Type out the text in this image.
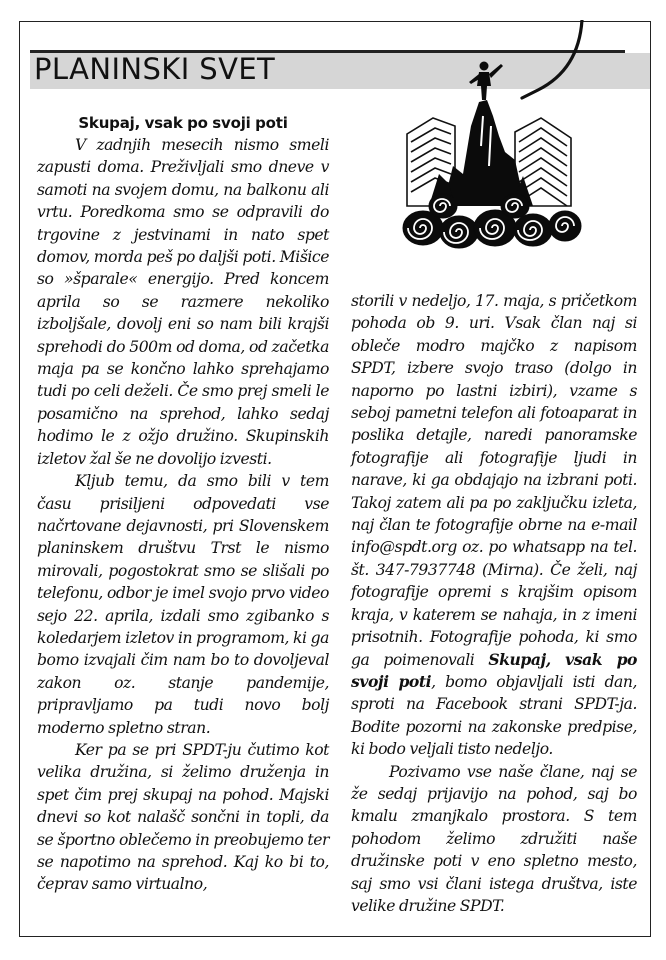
PLANINSKI SVET
Skupaj, vsak po svoji poti

V zadnjih mesecih nismo smeli zapusti doma. Preživljali smo dneve v samoti na svojem domu, na balkonu ali vrtu. Poredkoma smo se odpravili do trgovine z jestvinami in nato spet domov, morda peš po daljši poti. Mišice so »šparale« energijo. Pred koncem aprila so se razmere nekoliko izboljšale, dovolj eni so nam bili krajši sprehodi do 500m od doma, od začetka maja pa se končno lahko sprehajamo tudi po celi deželi. Če smo prej smeli le posamično na sprehod, lahko sedaj hodimo le z ožjo družino. Skupinskih izletov žal še ne dovolijo izvesti.

Kljub temu, da smo bili v tem času prisiljeni odpovedati vse načrtovane dejavnosti, pri Slovenskem planinskem društvu Trst le nismo mirovali, pogostokrat smo se slišali po telefonu, odbor je imel svojo prvo video sejo 22. aprila, izdali smo zgibanko s koledarjem izletov in programom, ki ga bomo izvajali čim nam bo to dovoljeval zakon oz. stanje pandemije, pripravljamo pa tudi novo bolj moderno spletno stran.

Ker pa se pri SPDT-ju čutimo kot velika družina, si želimo druženja in spet čim prej skupaj na pohod. Majski dnevi so kot nalašč sončni in topli, da se športno oblečemo in preobujemo ter se napotimo na sprehod. Kaj ko bi to, čeprav samo virtualno,

storili v nedeljo, 17. maja, s pričetkom pohoda ob 9. uri. Vsak član naj si obleče modro majčko z napisom SPDT, izbere svojo traso (dolgo in naporno po lastni izbiri), vzame s seboj pametni telefon ali fotoaparat in poslika detajle, naredi panoramske fotografije ali fotografije ljudi in narave, ki ga obdajajo na izbrani poti. Takoj zatem ali pa po zaključku izleta, naj član te fotografije obrne na e-mail info@spdt.org oz. po whatsapp na tel. št. 347-7937748 (Mirna). Če želi, naj fotografije opremi s krajšim opisom kraja, v katerem se nahaja, in z imeni prisotnih. Fotografije pohoda, ki smo ga poimenovali Skupaj, vsak po svoji poti, bomo objavljali isti dan, sproti na Facebook strani SPDT-ja. Bodite pozorni na zakonske predpise, ki bodo veljali tisto nedeljo.

Pozivamo vse naše člane, naj se že sedaj prijavijo na pohod, saj bo kmalu zmanjkalo prostora. S tem pohodom želimo združiti naše družinske poti v eno spletno mesto, saj smo vsi člani istega društva, iste velike družine SPDT.
